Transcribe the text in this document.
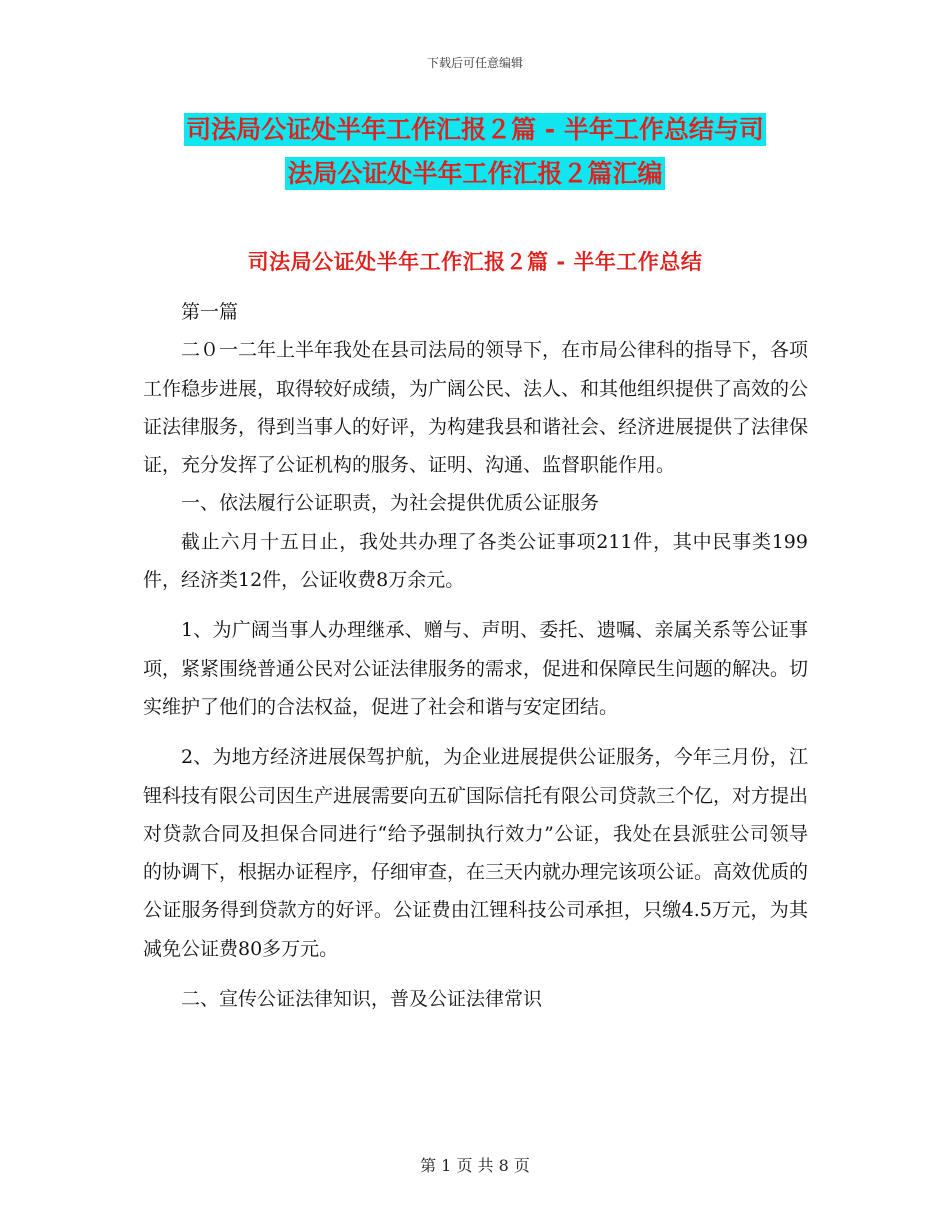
下载后可任意编辑
司法局公证处半年工作汇报２篇 - 半年工作总结与司
法局公证处半年工作汇报２篇汇编
司法局公证处半年工作汇报２篇 - 半年工作总结

第一篇

二０一二年上半年我处在县司法局的领导下，在市局公律科的指导下，各项工作稳步进展，取得较好成绩，为广阔公民、法人、和其他组织提供了高效的公证法律服务，得到当事人的好评，为构建我县和谐社会、经济进展提供了法律保证，充分发挥了公证机构的服务、证明、沟通、监督职能作用。

一、依法履行公证职责，为社会提供优质公证服务

截止六月十五日止，我处共办理了各类公证事项211件，其中民事类199件，经济类12件，公证收费8万余元。

1、为广阔当事人办理继承、赠与、声明、委托、遗嘱、亲属关系等公证事项，紧紧围绕普通公民对公证法律服务的需求，促进和保障民生问题的解决。切实维护了他们的合法权益，促进了社会和谐与安定团结。

2、为地方经济进展保驾护航，为企业进展提供公证服务，今年三月份，江锂科技有限公司因生产进展需要向五矿国际信托有限公司贷款三个亿，对方提出对贷款合同及担保合同进行“给予强制执行效力”公证，我处在县派驻公司领导的协调下，根据办证程序，仔细审查，在三天内就办理完该项公证。高效优质的公证服务得到贷款方的好评。公证费由江锂科技公司承担，只缴4.5万元，为其减免公证费80多万元。

二、宣传公证法律知识，普及公证法律常识

第 1 页 共 8 页
